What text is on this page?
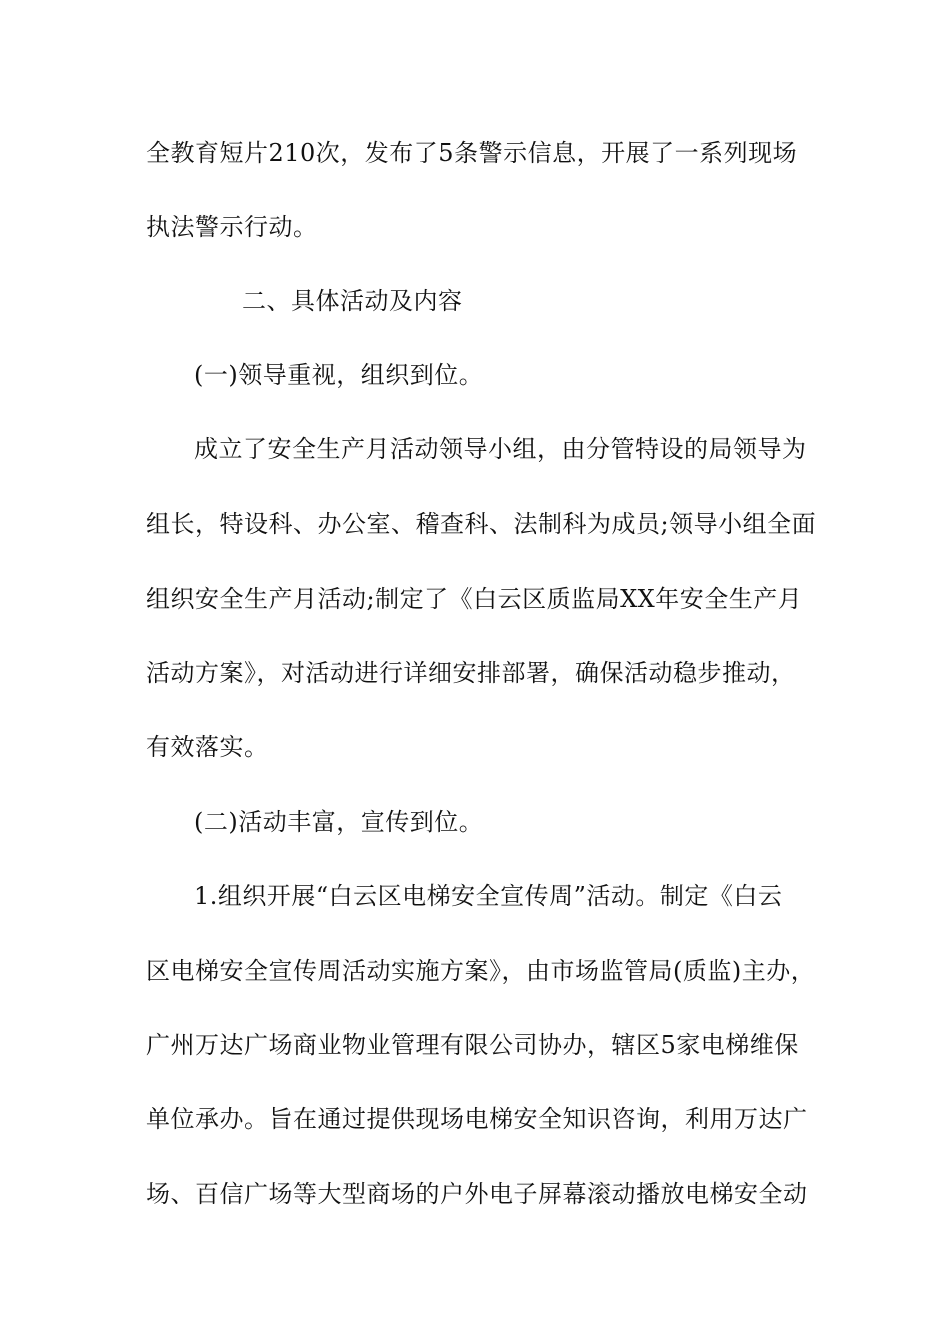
全教育短片210次，发布了5条警示信息，开展了一系列现场
执法警示行动。
二、具体活动及内容
(一)领导重视，组织到位。
成立了安全生产月活动领导小组，由分管特设的局领导为
组长，特设科、办公室、稽查科、法制科为成员;领导小组全面
组织安全生产月活动;制定了《白云区质监局XX年安全生产月
活动方案》，对活动进行详细安排部署，确保活动稳步推动，
有效落实。
(二)活动丰富，宣传到位。
1.组织开展“白云区电梯安全宣传周”活动。制定《白云
区电梯安全宣传周活动实施方案》，由市场监管局(质监)主办，
广州万达广场商业物业管理有限公司协办，辖区5家电梯维保
单位承办。旨在通过提供现场电梯安全知识咨询，利用万达广
场、百信广场等大型商场的户外电子屏幕滚动播放电梯安全动
